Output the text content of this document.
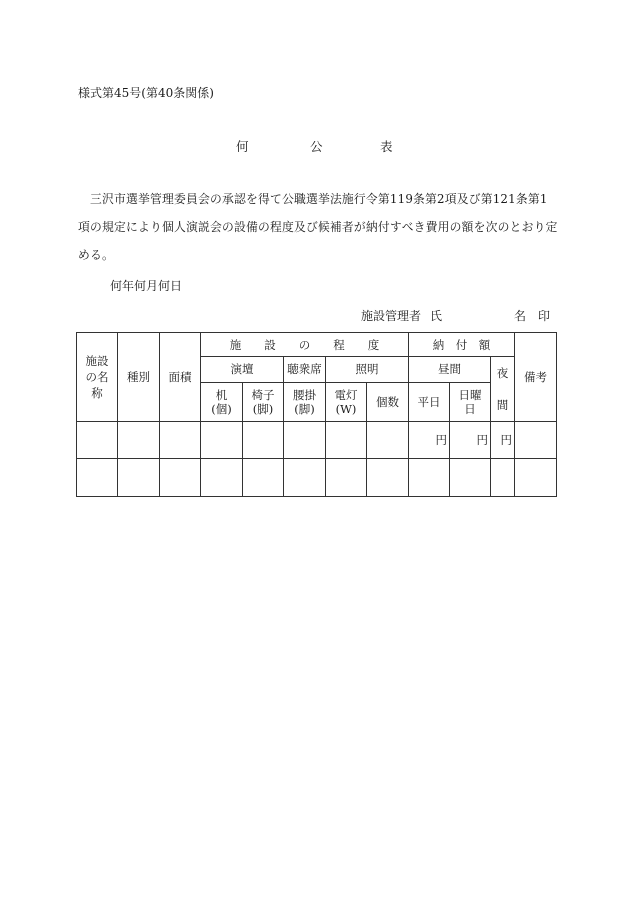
様式第45号(第40条関係)
何	公	表
三沢市選挙管理委員会の承認を得て公職選挙法施行令第119条第2項及び第121条第1項の規定により個人演説会の設備の程度及び候補者が納付すべき費用の額を次のとおり定める。
何年何月何日
施設管理者 氏	名 印
施設の名称	種別	面積	施　　設　　の　　程　　度					納　付　額			備考
			演壇		聴衆席	照明		昼間		夜間	

			机(個)	椅子(脚)	腰掛(脚)	電灯(W)	個数	平日	日曜日		

								円	円	円	
